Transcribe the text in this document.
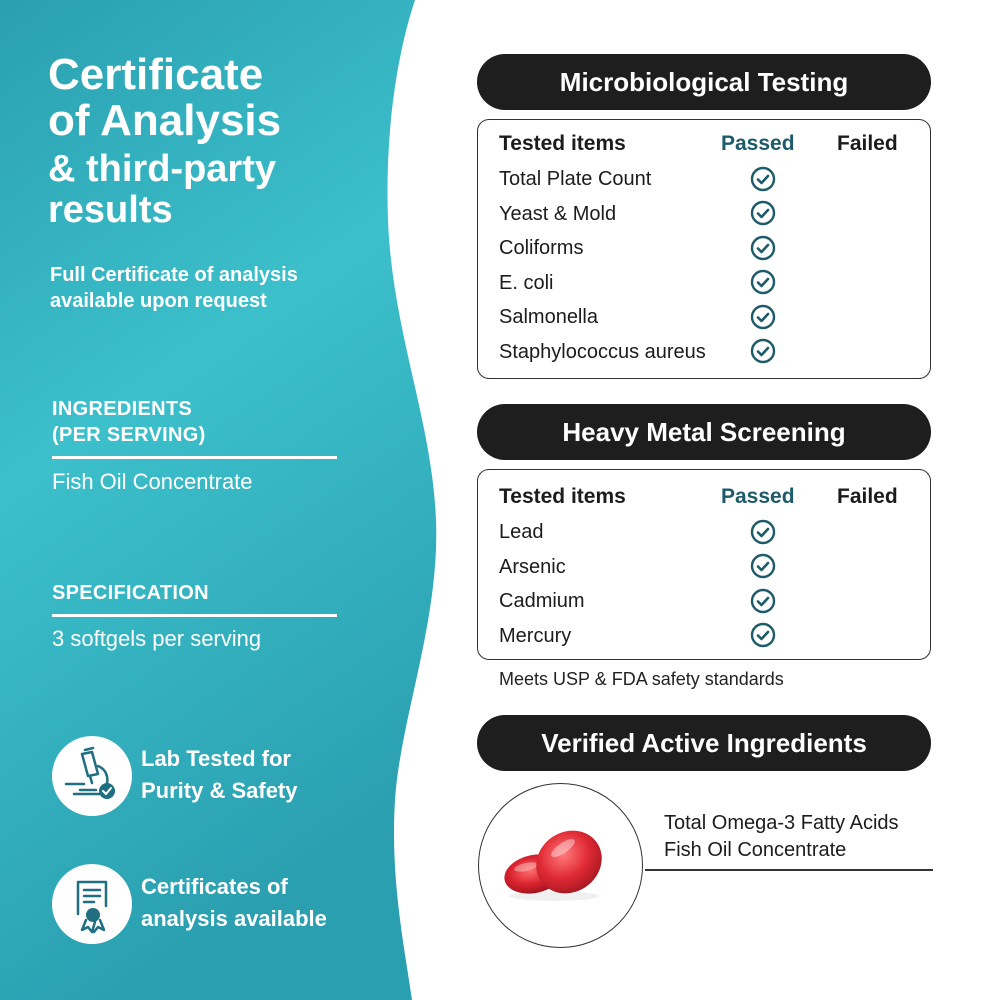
Certificate
of Analysis
& third-party
results
Full Certificate of analysis
available upon request
INGREDIENTS
(PER SERVING)
Fish Oil Concentrate
SPECIFICATION
3 softgels per serving
Lab Tested for
Purity & Safety
Certificates of
analysis available
Microbiological Testing
Tested items	Passed Failed
Total Plate Count
Yeast & Mold
Coliforms
E. coli
Salmonella
Staphylococcus aureus
Heavy Metal Screening
Tested items	Passed Failed
Lead
Arsenic
Cadmium
Mercury
Meets USP & FDA safety standards
Verified Active Ingredients
Total Omega-3 Fatty Acids
Fish Oil Concentrate
